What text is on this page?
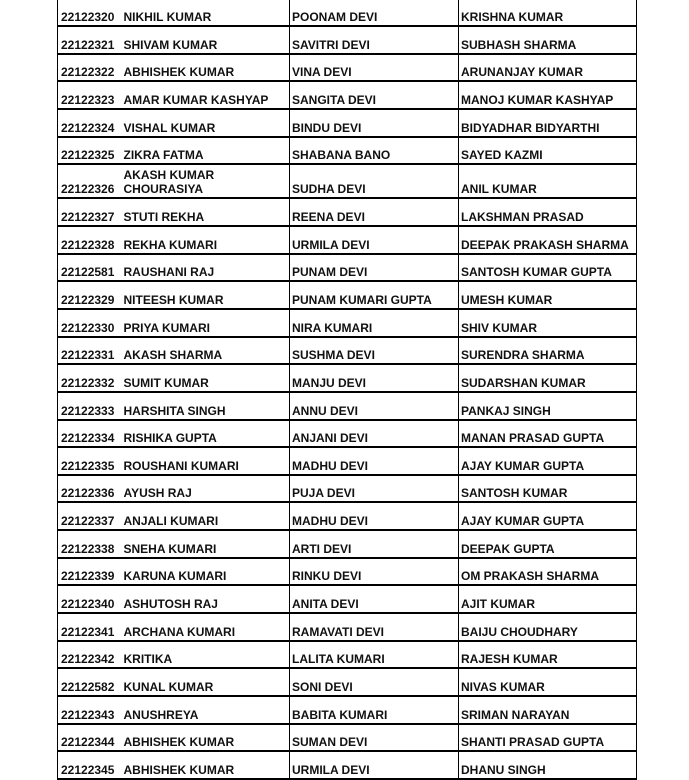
22122320	NIKHIL KUMAR	POONAM DEVI	KRISHNA KUMAR
22122321	SHIVAM KUMAR	SAVITRI DEVI	SUBHASH SHARMA
22122322	ABHISHEK KUMAR	VINA DEVI	ARUNANJAY KUMAR
22122323	AMAR KUMAR KASHYAP	SANGITA DEVI	MANOJ KUMAR KASHYAP
22122324	VISHAL KUMAR	BINDU DEVI	BIDYADHAR BIDYARTHI
22122325	ZIKRA FATMA	SHABANA BANO	SAYED KAZMI
22122326	AKASH KUMAR CHOURASIYA	SUDHA DEVI	ANIL KUMAR
22122327	STUTI REKHA	REENA DEVI	LAKSHMAN PRASAD
22122328	REKHA KUMARI	URMILA DEVI	DEEPAK PRAKASH SHARMA
22122581	RAUSHANI RAJ	PUNAM DEVI	SANTOSH KUMAR GUPTA
22122329	NITEESH KUMAR	PUNAM KUMARI GUPTA	UMESH KUMAR
22122330	PRIYA KUMARI	NIRA KUMARI	SHIV KUMAR
22122331	AKASH SHARMA	SUSHMA DEVI	SURENDRA SHARMA
22122332	SUMIT KUMAR	MANJU DEVI	SUDARSHAN KUMAR
22122333	HARSHITA SINGH	ANNU DEVI	PANKAJ SINGH
22122334	RISHIKA GUPTA	ANJANI DEVI	MANAN PRASAD GUPTA
22122335	ROUSHANI KUMARI	MADHU DEVI	AJAY KUMAR GUPTA
22122336	AYUSH RAJ	PUJA DEVI	SANTOSH KUMAR
22122337	ANJALI KUMARI	MADHU DEVI	AJAY KUMAR GUPTA
22122338	SNEHA KUMARI	ARTI DEVI	DEEPAK GUPTA
22122339	KARUNA KUMARI	RINKU DEVI	OM PRAKASH SHARMA
22122340	ASHUTOSH RAJ	ANITA DEVI	AJIT KUMAR
22122341	ARCHANA KUMARI	RAMAVATI DEVI	BAIJU CHOUDHARY
22122342	KRITIKA	LALITA KUMARI	RAJESH KUMAR
22122582	KUNAL KUMAR	SONI DEVI	NIVAS KUMAR
22122343	ANUSHREYA	BABITA KUMARI	SRIMAN NARAYAN
22122344	ABHISHEK KUMAR	SUMAN DEVI	SHANTI PRASAD GUPTA
22122345	ABHISHEK KUMAR	URMILA DEVI	DHANU SINGH
